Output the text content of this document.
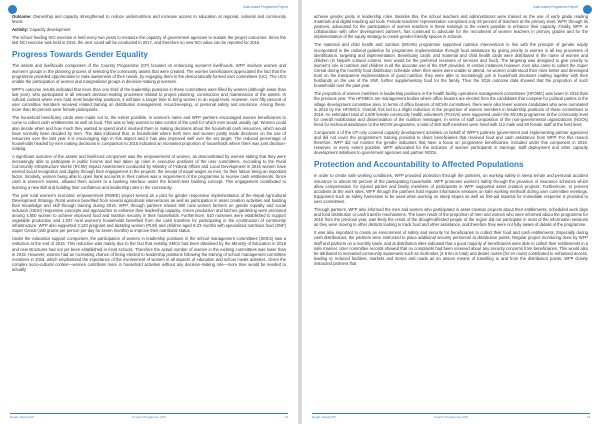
Cash-based Programme Report

Outcome: Ownership and capacity strengthened to reduce undernutrition and increase access to education at regional, national and community levels

Activity: Capacity development

The school feeding NCI exercise is held every two years to measure the capacity of government agencies to sustain the project outcomes. Since the last NCI exercise was held in 2015, the next round will be conducted in 2017, and therefore no new NCI value can be reported for 2016.

Progress Towards Gender Equality

The assets and livelihoods component of the Country Programme (CP) focused on enhancing women’s livelihoods. WFP involves women and women’s groups in the planning process of selecting the community assets that were created. The women beneficiaries appreciated the fact that the programme provided opportunities to raise awareness of their needs, by engaging them in the democratically formed user committees (UC). The UCs enable the participation of women and marginalized groups in decision-making processes.

WFP’s outcome results indicated that more than one third of the leadership positions in these committees were filled by women (although lower than last year), who participated in all relevant decision-making processes related to project planning, construction and maintenance of the assets. In cultural context where men hold most leadership positions, it will take a longer time to bring women to an equal level. However, over fifty percent of user committee members received related training on distribution management, record-keeping, or personal safety and insurance. Among these, more than 60 percent were female participants.

The household beneficiary cards were made out to, the extent possible, in women’s name and WFP partners encouraged women beneficiaries to come to collect cash entitlements as well as food. This was to help women to take control of the cash for which men would usually opt. Women could also decide when and how much they wanted to spend and it involved them in making decisions about the household cash resources, which would have normally been decided by men. The data indicated that, in households where both men and women jointly made decisions on the use of resources over the last year it is encouraging sign in this aspect and it has also improved well over the set target. The reduced percentage of households headed by men making decisions in comparison to 2015 indicated an increased proportion of households where there was joint decision-making.

A significant outcome of the assets and livelihood component was the empowerment of women, as demonstrated by women stating that they were increasingly able to participate in public forums and had taken up roles in executive positions of the user committees. According to the Rural Community Infrastructure Works (RCIW) Impact Assessment conducted by Ministry of Federal Affairs and Local Development in 2016 women have earned social recognition and dignity through their engagement in the projects, the receipt of equal wages as men, for their labour being an important factor. Similarly, women being able to open bank accounts in their names was a requirement of the programme to receive cash entitlements. Since cash is women’s names, allowed them access to a banking interface under the branch-less banking concept. This engagement contributed to learning a new skill and building their confidence and leadership roles in the community.

The joint rural women’s economic empowerment (RWEE) project served as a pilot for gender responsive implementation of the Nepal Agricultural Development Strategy. Rural women benefited from several agricultural interventions as well as participation in asset creation activities and building their knowledge and skill through training during 2016. WFP, through partners trained 600 rural women farmers on gender equality and social inclusion (GESI) responsive concepts and approaches to enhance their leadership capacity. Green production and kitchen gardening were promoted among 3,600 women to achieve improved food and nutrition security in their households. Furthermore, 510 nurseries were established to support vegetable production and 1,037 rural women’s households benefited from the cash transfers for participating in the construction of community infrastructure. WFP also supported 3,120 pregnant and lactating women (PLW) and children aged 6-23 months with specialized nutritious food (SNF) Super Cereal (150 grams per person per day for seven months) to improve their nutritional status.

Under the education support component, the participation of women in leadership positions in the school management committees (SMCs) saw a reduction at the end of 2016. This reduction was mainly due to the fact that existing SMCs had been dissolved by the Ministry of Education in 2016 and new structures had not yet been established in most schools. Therefore the actual number of women in the existing committees was lower than in 2015. However, women had an increasing chance of being elected to leadership positions following the training of school management committee members in 2016, which emphasized the importance of the involvement of women in all aspects of education and school meals activities. Given the complex socio-cultural context—women contribute more in household activities without any decision-making role—more time would be needed to actually

Nepal, Nepal (CP)	Country Programme (CP)	13
Cash-based Programme Report

achieve gender parity in leadership roles. Besides this, the school teachers and administrators were trained on the use of early grade reading materials and digital teaching aid tools. Female teachers’ representation comprised only 28 percent of teachers at the primary level. WFP, through its partners, advocated for the participation of women teachers in these trainings to the extent possible to enhance their capacity. Finally, WFP, in collaboration with other development partners, has continued to advocate for the recruitment of women teachers in primary grades and for the implementation of the equity strategy to create gender-friendly spaces in schools.

The maternal and child health and nutrition (MCHN) programme supported nutrition interventions in line with the principle of gender equity incorporated in the national guideline for programme implementation through food assistance by giving priority to women in all key processes of identification, targeting and implementation. Beneficiary cards, and maternal and child health cards were distributed in the name of women and children (in Nepal’s cultural context, men would be the preferred receivers of services and food). The targeting was designed to give priority to women’s role in nutrition and children in all the accurate use of the SNF provided. In certain instances however, men also came to collect the Super Cereal during the monthly food distribution schedule when their wives were unable to attend. As women understood their roles better and developed trust on the transparent implementation of good nutrition, they were able to increasingly join in household decisions making together with their husbands on the use of the SNF, further supplementary food for the family. Thus the 2016 outcome data showed that the proportion of such households over the past year.

The proportion of women members in leadership positions in the health facility operations management committees (HFOMC) was lower in 2016 than the previous year. The HFOMCs are management bodies where office bearers are elected from the candidates that compete for political parties in the village development committee area. In terms of office bearers of MCHN committees, there were also fewer women candidates who were nominated in 2016 by the HFOMCs. Overall, this led to a slight reduction in the proportion of women members in leadership positions of these committees in 2016. An estimated total of 2,500 female community health volunteers (FCHVs) were supported under the MCHN programme at the community level for overall mobilization and dissemination of the nutrition messages. In terms of staff composition of the non-governmental organizations (NGOs) hired for technical assistance to the MCHN programme, a total of 260 staff members were hired with 112 male and 50 female staff at the field level.

Component 4 of the CP only covered capacity development activities on behalf of WFP’s partners (government and implementing partner agencies) and did not cover the programme’s training provided to direct beneficiaries that received food and cash assistance from WFP. For this reason therefore, WFP did not monitor the gender indicators that have a focus on programme beneficiaries, included under this component in 2016. However, to every extent possible, WFP advocated for the inclusion of women participants in trainings, staff deployment and other capacity development initiatives to government agencies and partner NGOs.

Protection and Accountability to Affected Populations

In order to create safe working conditions, WFP provided protection through the partners, on working safely in steep terrain and personal accident insurance to almost 50 percent of the participating households. WFP promotes worker’s safety through the provision of insurance schemes which allow compensation for injured parties and family members of participants in WFP supported asset creation projects. Furthermore, to prevent accidents at the work sites, WFP through the partners hold regular information sessions on safe working methods during user committee meetings. Equipment such as safety harnesses to be used when working on steep slopes as well as first-aid material for immediate response is provided to user committees.

Through partners, WFP also informed the men and women who participated in asset creation projects about their entitlements, scheduled work days and food distribution or cash transfer mechanisms. The lower result of the proportion of men and women who were informed about the programme for 2016 from the previous year, was likely the result of the drought-affected people of the region did not participate in most of the information sessions as they were moving to other districts looking to track food and other assistance, and therefore they were not fully aware of details of the programme.

It was also important to create an environment of safety and security for beneficiaries to collect their food and cash entitlements. Especially during cash distributions, the partners were instructed to place additional security personnel at distribution points. Regular project monitoring done by WFP staff and partners on a monthly basis, and at distribution sites indicated that a good majority of beneficiaries were able to collect their entitlements in a safe manner. User committee records showed that no complaints had been received about any security concerns from beneficiaries. This would also be attributed to increased community awareness such as multi-sites (2-5 km in total) and dealer routes (for en route) contributed to enhanced access, leading to reduced facilities, markets and stores and roads as an assure means of travelling to and from the distribution points. WFP closely instructed partners that

Nepal, Nepal (CP)	Country Programme (CP)	14
